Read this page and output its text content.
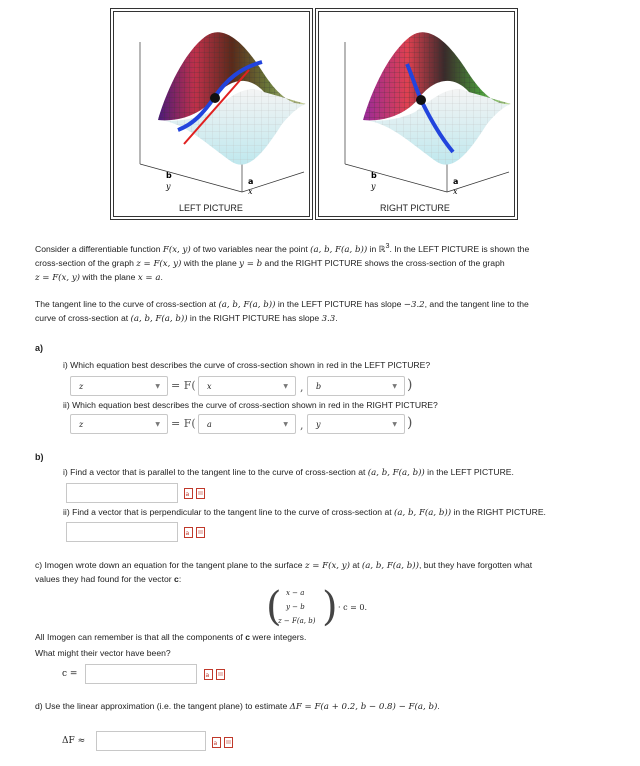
b
y
a
x
LEFT PICTURE
b
y
a
x
RIGHT PICTURE
Consider a differentiable function F(x, y) of two variables near the point (a, b, F(a, b)) in ℝ$^3$. In the LEFT PICTURE is shown the
cross-section of the graph z = F(x, y) with the plane y = b and the RIGHT PICTURE shows the cross-section of the graph
z = F(x, y) with the plane x = a.
The tangent line to the curve of cross-section at (a, b, F(a, b)) in the LEFT PICTURE has slope −3.2, and the tangent line to the
curve of cross-section at (a, b, F(a, b)) in the RIGHT PICTURE has slope 3.3.
a)
i) Which equation best describes the curve of cross-section shown in red in the LEFT PICTURE?
z	▼ = F(	x	▼ ,	b	▼ )
ii) Which equation best describes the curve of cross-section shown in red in the RIGHT PICTURE?
z	▼ = F(	a	▼ ,	y	▼ )
b)
i) Find a vector that is parallel to the tangent line to the curve of cross-section at (a, b, F(a, b)) in the LEFT PICTURE.
a
ii) Find a vector that is perpendicular to the tangent line to the curve of cross-section at (a, b, F(a, b)) in the RIGHT PICTURE.
a
c) Imogen wrote down an equation for the tangent plane to the surface z = F(x, y) at (a, b, F(a, b)), but they have forgotten what
values they had found for the vector c:
( x − a
y − b
z − F(a, b) ) · c = 0.
All Imogen can remember is that all the components of c were integers.
What might their vector have been?
c =	a
d) Use the linear approximation (i.e. the tangent plane) to estimate ΔF = F(a + 0.2, b − 0.8) − F(a, b).
ΔF ≈	a
